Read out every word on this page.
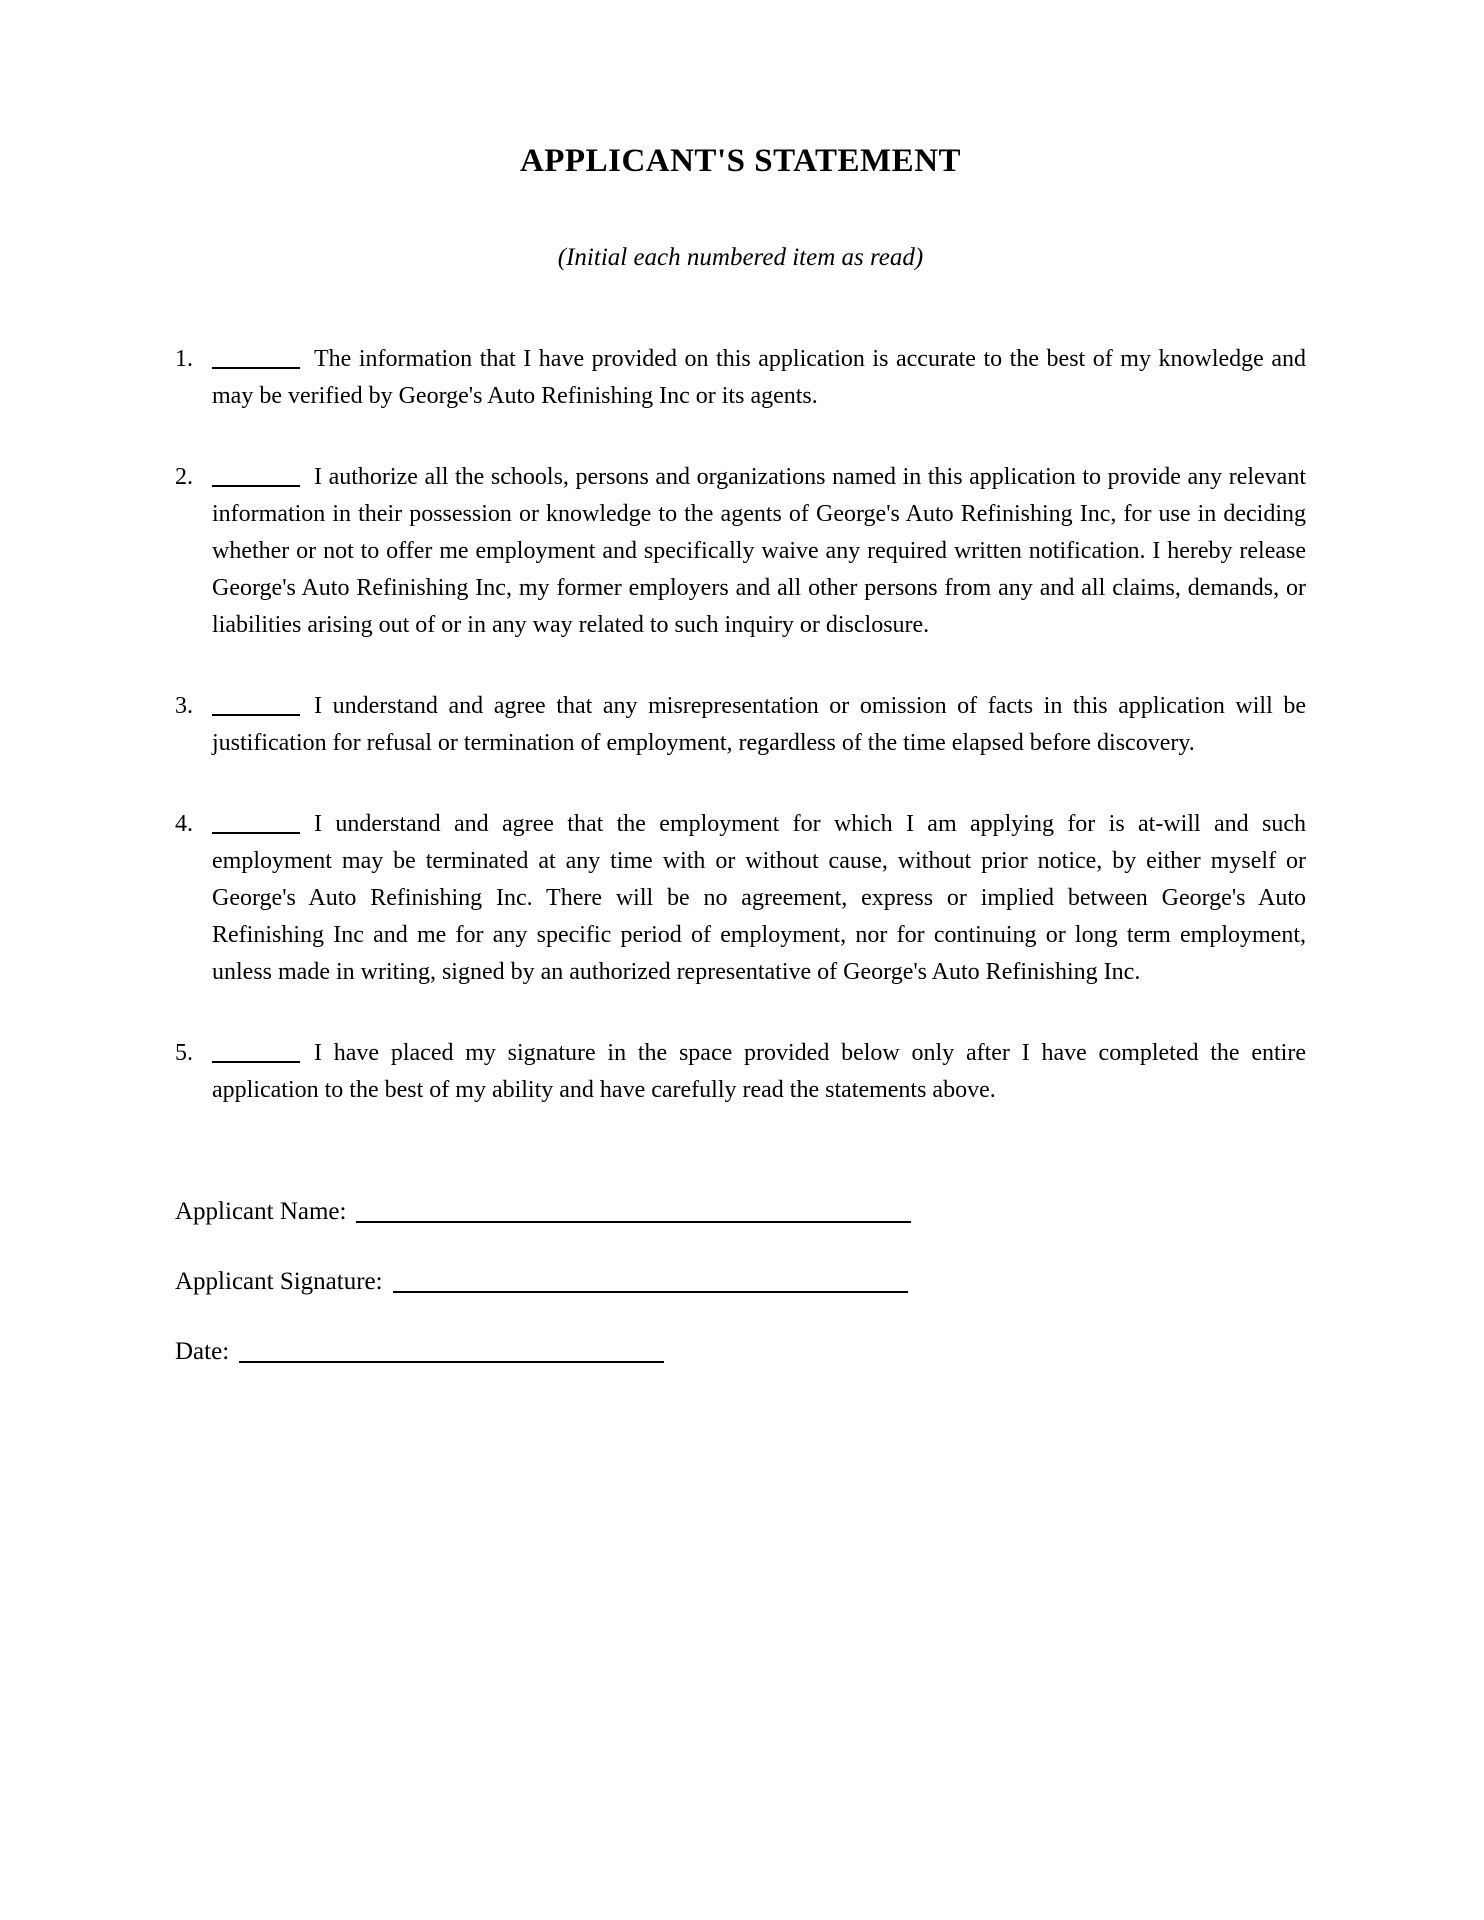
APPLICANT'S STATEMENT
(Initial each numbered item as read)
1.	The information that I have provided on this application is accurate to the best of my knowledge and may be verified by George's Auto Refinishing Inc or its agents.
2.	I authorize all the schools, persons and organizations named in this application to provide any relevant information in their possession or knowledge to the agents of George's Auto Refinishing Inc, for use in deciding whether or not to offer me employment and specifically waive any required written notification. I hereby release George's Auto Refinishing Inc, my former employers and all other persons from any and all claims, demands, or liabilities arising out of or in any way related to such inquiry or disclosure.
3.	I understand and agree that any misrepresentation or omission of facts in this application will be justification for refusal or termination of employment, regardless of the time elapsed before discovery.
4.	I understand and agree that the employment for which I am applying for is at-will and such employment may be terminated at any time with or without cause, without prior notice, by either myself or George's Auto Refinishing Inc. There will be no agreement, express or implied between George's Auto Refinishing Inc and me for any specific period of employment, nor for continuing or long term employment, unless made in writing, signed by an authorized representative of George's Auto Refinishing Inc.
5.	I have placed my signature in the space provided below only after I have completed the entire application to the best of my ability and have carefully read the statements above.
Applicant Name:
Applicant Signature:
Date:
